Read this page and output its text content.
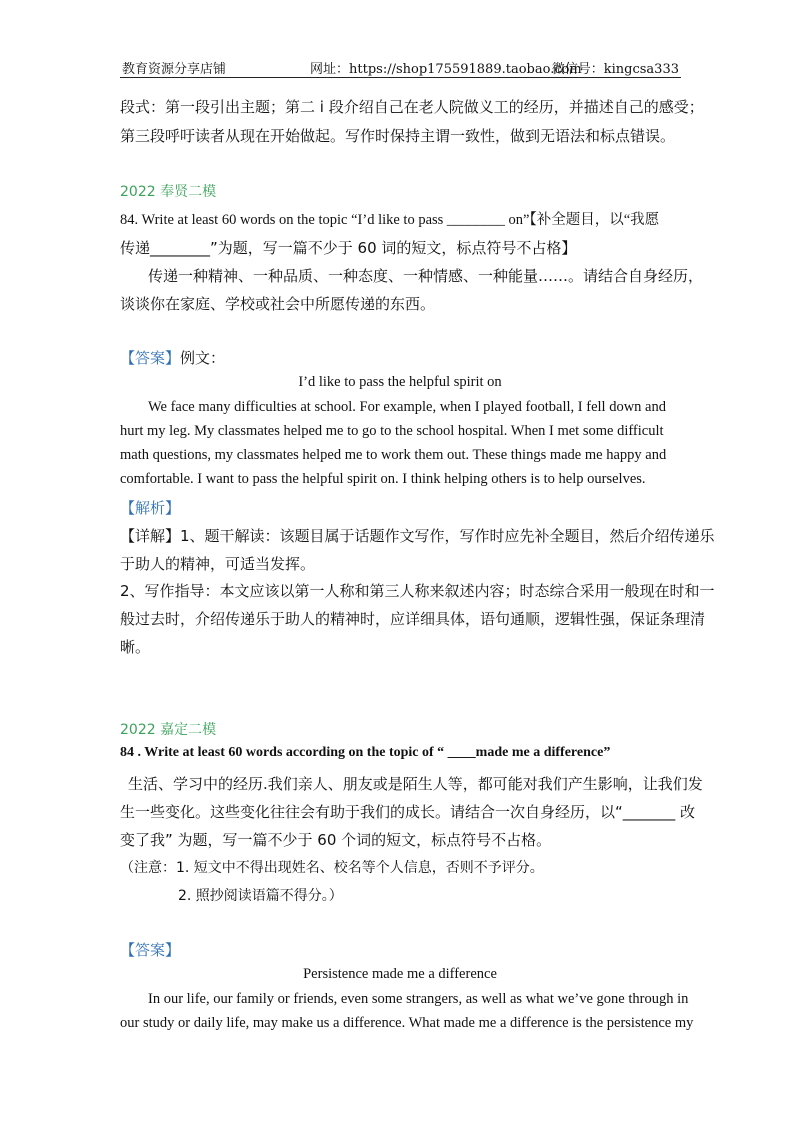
教育资源分享店铺	网址：https://shop175591889.taobao.com
微信号：kingcsa333
段式：第一段引出主题；第二 i 段介绍自己在老人院做义工的经历，并描述自己的感受；
第三段呼吁读者从现在开始做起。写作时保持主谓一致性，做到无语法和标点错误。
2022 奉贤二模
84. Write at least 60 words on the topic “I’d like to pass ________ on”【补全题目，以“我愿
传递________”为题，写一篇不少于 60 词的短文，标点符号不占格】
传递一种精神、一种品质、一种态度、一种情感、一种能量……。请结合自身经历，
谈谈你在家庭、学校或社会中所愿传递的东西。
【答案】例文：
I’d like to pass the helpful spirit on
We face many difficulties at school. For example, when I played football, I fell down and
hurt my leg. My classmates helped me to go to the school hospital. When I met some difficult
math questions, my classmates helped me to work them out. These things made me happy and
comfortable. I want to pass the helpful spirit on. I think helping others is to help ourselves.
【解析】
【详解】1、题干解读：该题目属于话题作文写作，写作时应先补全题目，然后介绍传递乐
于助人的精神，可适当发挥。
2、写作指导：本文应该以第一人称和第三人称来叙述内容；时态综合采用一般现在时和一
般过去时，介绍传递乐于助人的精神时，应详细具体，语句通顺，逻辑性强，保证条理清
晰。
2022 嘉定二模
84 . Write at least 60 words according on the topic of “ ____made me a difference”
生活、学习中的经历.我们亲人、朋友或是陌生人等，都可能对我们产生影响，让我们发
生一些变化。这些变化往往会有助于我们的成长。请结合一次自身经历，以“_______ 改
变了我” 为题，写一篇不少于 60 个词的短文，标点符号不占格。
（注意：1. 短文中不得出现姓名、校名等个人信息，否则不予评分。
2. 照抄阅读语篇不得分。）
【答案】
Persistence made me a difference
In our life, our family or friends, even some strangers, as well as what we’ve gone through in
our study or daily life, may make us a difference. What made me a difference is the persistence my
